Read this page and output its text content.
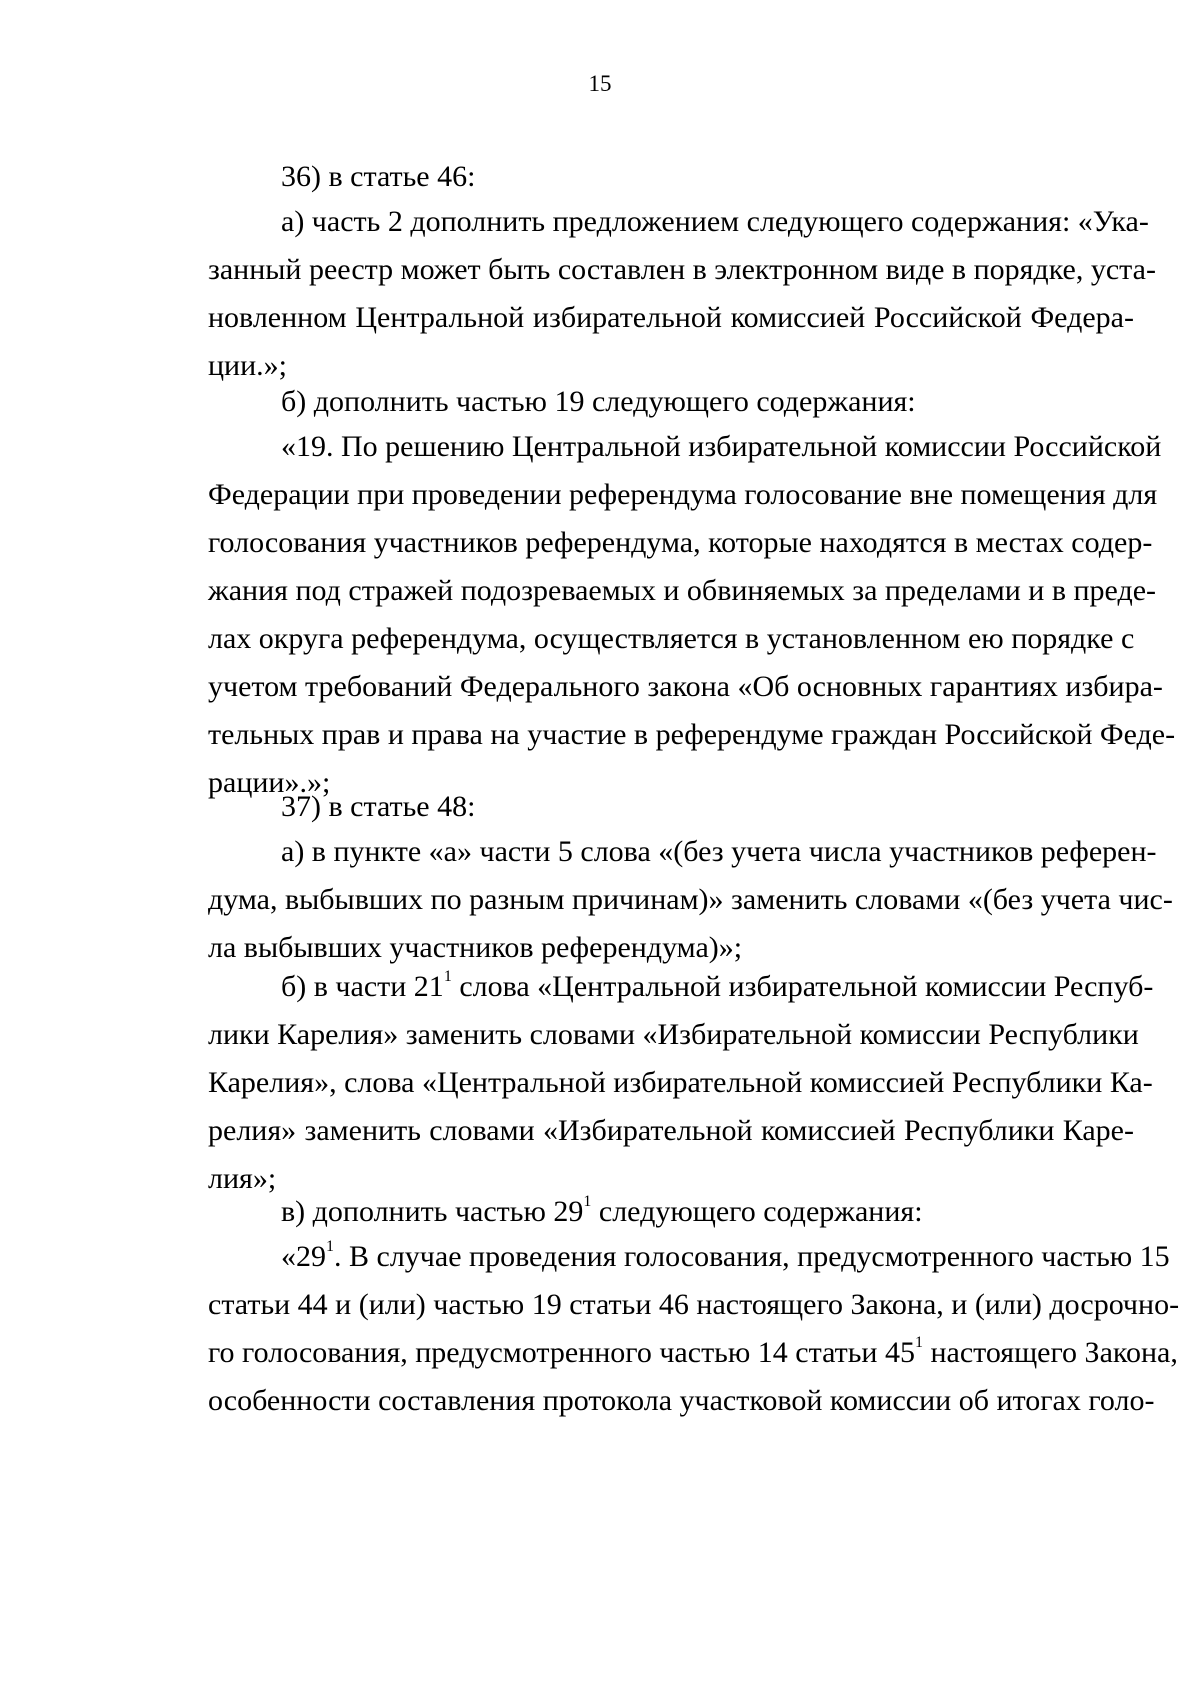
15
36) в статье 46:
а) часть 2 дополнить предложением следующего содержания: «Ука-
занный реестр может быть составлен в электронном виде в порядке, уста-
новленном Центральной избирательной комиссией Российской Федера-
ции.»;
б) дополнить частью 19 следующего содержания:
«19. По решению Центральной избирательной комиссии Российской
Федерации при проведении референдума голосование вне помещения для
голосования участников референдума, которые находятся в местах содер-
жания под стражей подозреваемых и обвиняемых за пределами и в преде-
лах округа референдума, осуществляется в установленном ею порядке с
учетом требований Федерального закона «Об основных гарантиях избира-
тельных прав и права на участие в референдуме граждан Российской Феде-
рации».»;
37) в статье 48:
а) в пункте «а» части 5 слова «(без учета числа участников референ-
дума, выбывших по разным причинам)» заменить словами «(без учета чис-
ла выбывших участников референдума)»;
б) в части $21^1$ слова «Центральной избирательной комиссии Респуб-
лики Карелия» заменить словами «Избирательной комиссии Республики
Карелия», слова «Центральной избирательной комиссией Республики Ка-
релия» заменить словами «Избирательной комиссией Республики Каре-
лия»;
в) дополнить частью $29^1$ следующего содержания:
«$29^1$. В случае проведения голосования, предусмотренного частью 15
статьи 44 и (или) частью 19 статьи 46 настоящего Закона, и (или) досрочно-
го голосования, предусмотренного частью 14 статьи $45^1$ настоящего Закона,
особенности составления протокола участковой комиссии об итогах голо-
